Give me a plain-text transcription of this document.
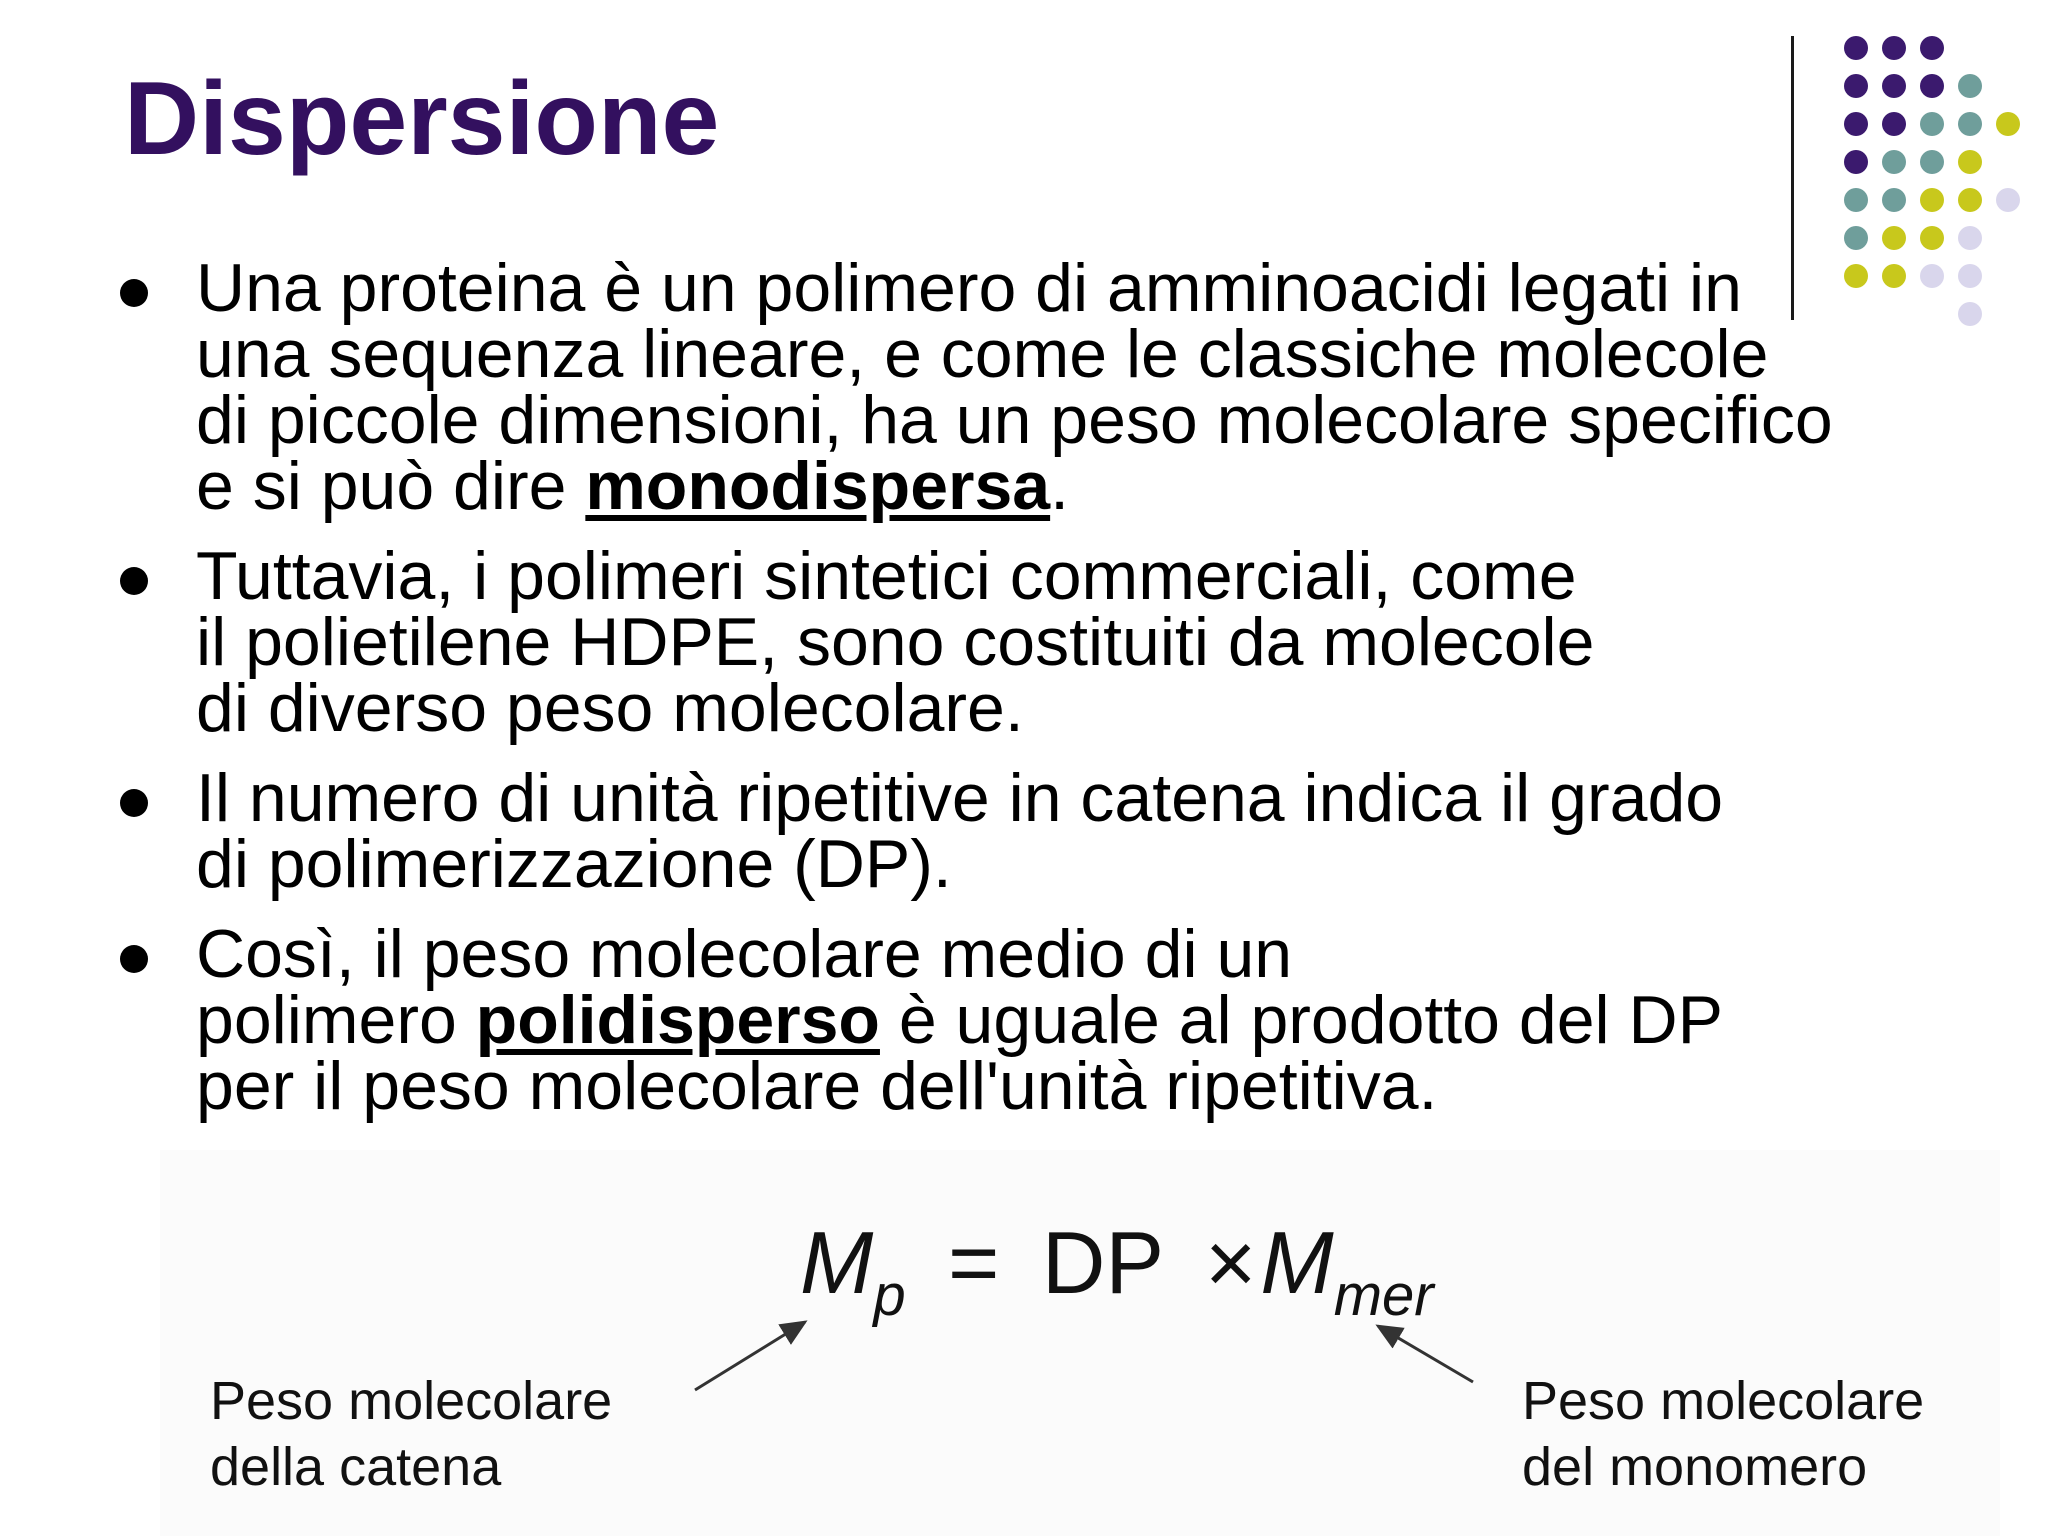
Dispersione
Una proteina è un polimero di amminoacidi legati in
una sequenza lineare, e come le classiche molecole
di piccole dimensioni, ha un peso molecolare specifico
e si può dire monodispersa.
Tuttavia, i polimeri sintetici commerciali, come
il polietilene HDPE, sono costituiti da molecole
di diverso peso molecolare.
Il numero di unità ripetitive in catena indica il grado
di polimerizzazione (DP).
Così, il peso molecolare medio di un
polimero polidisperso è uguale al prodotto del DP
per il peso molecolare dell'unità ripetitiva.
$M_p$ = DP $\times M_{mer}$
Peso molecolare
della catena
Peso molecolare
del monomero
